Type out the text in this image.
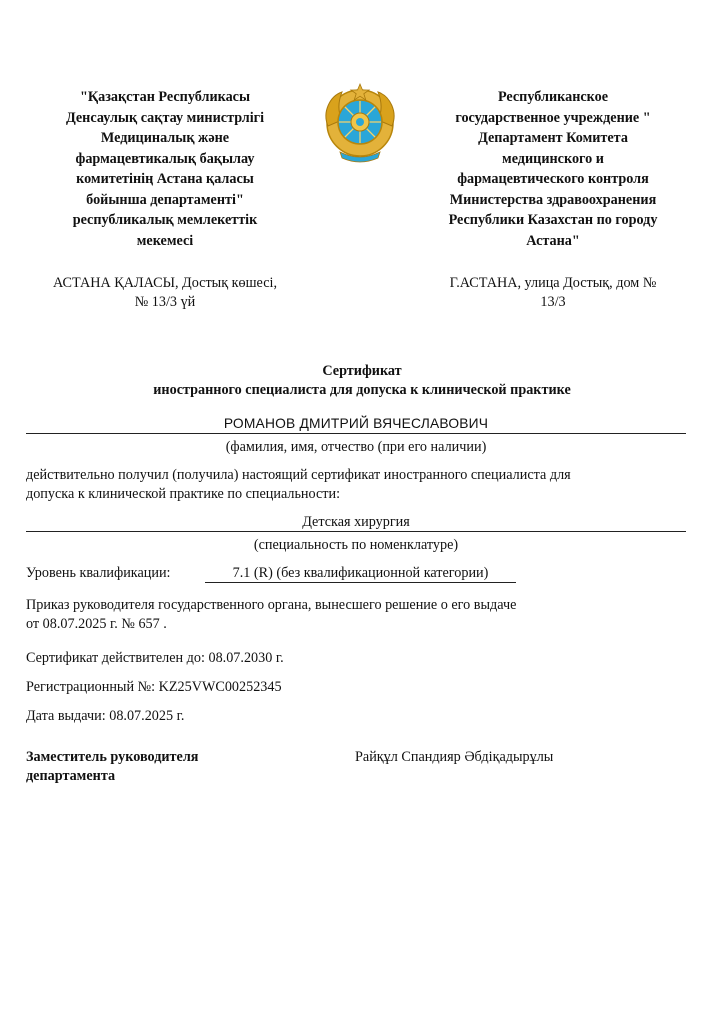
"Қазақстан Республикасы
Денсаулық сақтау министрлігі
Медициналық және
фармацевтикалық бақылау
комитетінің Астана қаласы
бойынша департаменті"
республикалық мемлекеттік
мекемесі
Республиканское
государственное учреждение "
Департамент Комитета
медицинского и
фармацевтического контроля
Министерства здравоохранения
Республики Казахстан по городу
Астана"
АСТАНА ҚАЛАСЫ, Достық көшесі,
№ 13/3 үй
Г.АСТАНА, улица Достық, дом №
13/3
Сертификат
иностранного специалиста для допуска к клинической практике
РОМАНОВ ДМИТРИЙ ВЯЧЕСЛАВОВИЧ
(фамилия, имя, отчество (при его наличии)
действительно получил (получила) настоящий сертификат иностранного специалиста для
допуска к клинической практике по специальности:
Детская хирургия
(специальность по номенклатуре)
Уровень квалификации:	7.1 (R) (без квалификационной категории)
Приказ руководителя государственного органа, вынесшего решение о его выдаче
от 08.07.2025 г. № 657 .
Сертификат действителен до: 08.07.2030 г.
Регистрационный №: KZ25VWC00252345
Дата выдачи: 08.07.2025 г.
Заместитель руководителя
департамента
Райқұл Спандияр Әбдіқадырұлы
